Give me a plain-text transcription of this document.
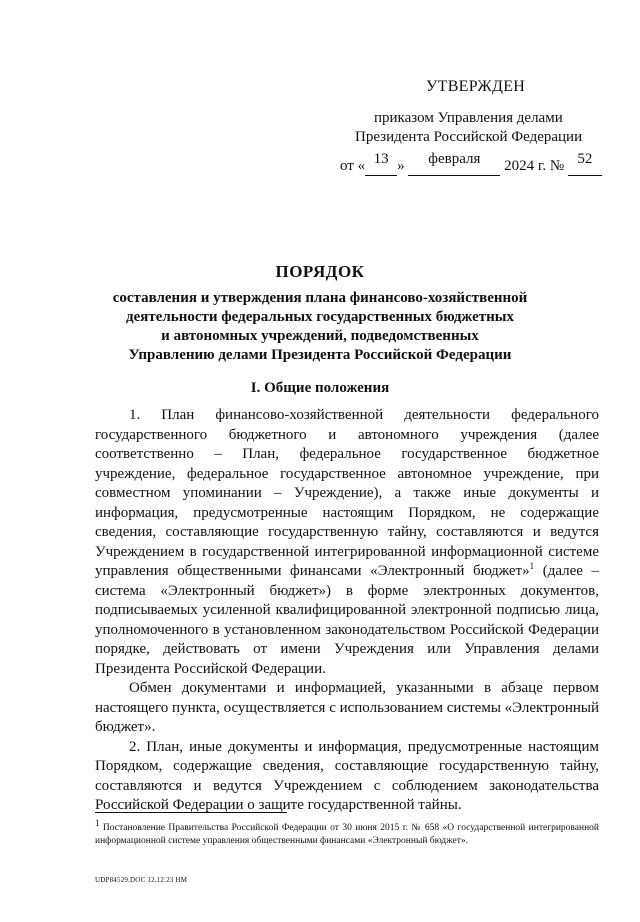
УТВЕРЖДЕН
приказом Управления делами
Президента Российской Федерации
от « 13 » февраля 2024 г. № 52
ПОРЯДОК
составления и утверждения плана финансово-хозяйственной
деятельности федеральных государственных бюджетных
и автономных учреждений, подведомственных
Управлению делами Президента Российской Федерации
I. Общие положения

1. План финансово-хозяйственной деятельности федерального государственного бюджетного и автономного учреждения (далее соответственно – План, федеральное государственное бюджетное учреждение, федеральное государственное автономное учреждение, при совместном упоминании – Учреждение), а также иные документы и информация, предусмотренные настоящим Порядком, не содержащие сведения, составляющие государственную тайну, составляются и ведутся Учреждением в государственной интегрированной информационной системе управления общественными финансами «Электронный бюджет»$^1$ (далее – система «Электронный бюджет») в форме электронных документов, подписываемых усиленной квалифицированной электронной подписью лица, уполномоченного в установленном законодательством Российской Федерации порядке, действовать от имени Учреждения или Управления делами Президента Российской Федерации.

Обмен документами и информацией, указанными в абзаце первом настоящего пункта, осуществляется с использованием системы «Электронный бюджет».

2. План, иные документы и информация, предусмотренные настоящим Порядком, содержащие сведения, составляющие государственную тайну, составляются и ведутся Учреждением с соблюдением законодательства Российской Федерации о защите государственной тайны.

$^1$ Постановление Правительства Российской Федерации от 30 июня 2015 г. № 658 «О государственной интегрированной информационной системе управления общественными финансами «Электронный бюджет».
UDP84529.DOC 12.12.23 НМ
